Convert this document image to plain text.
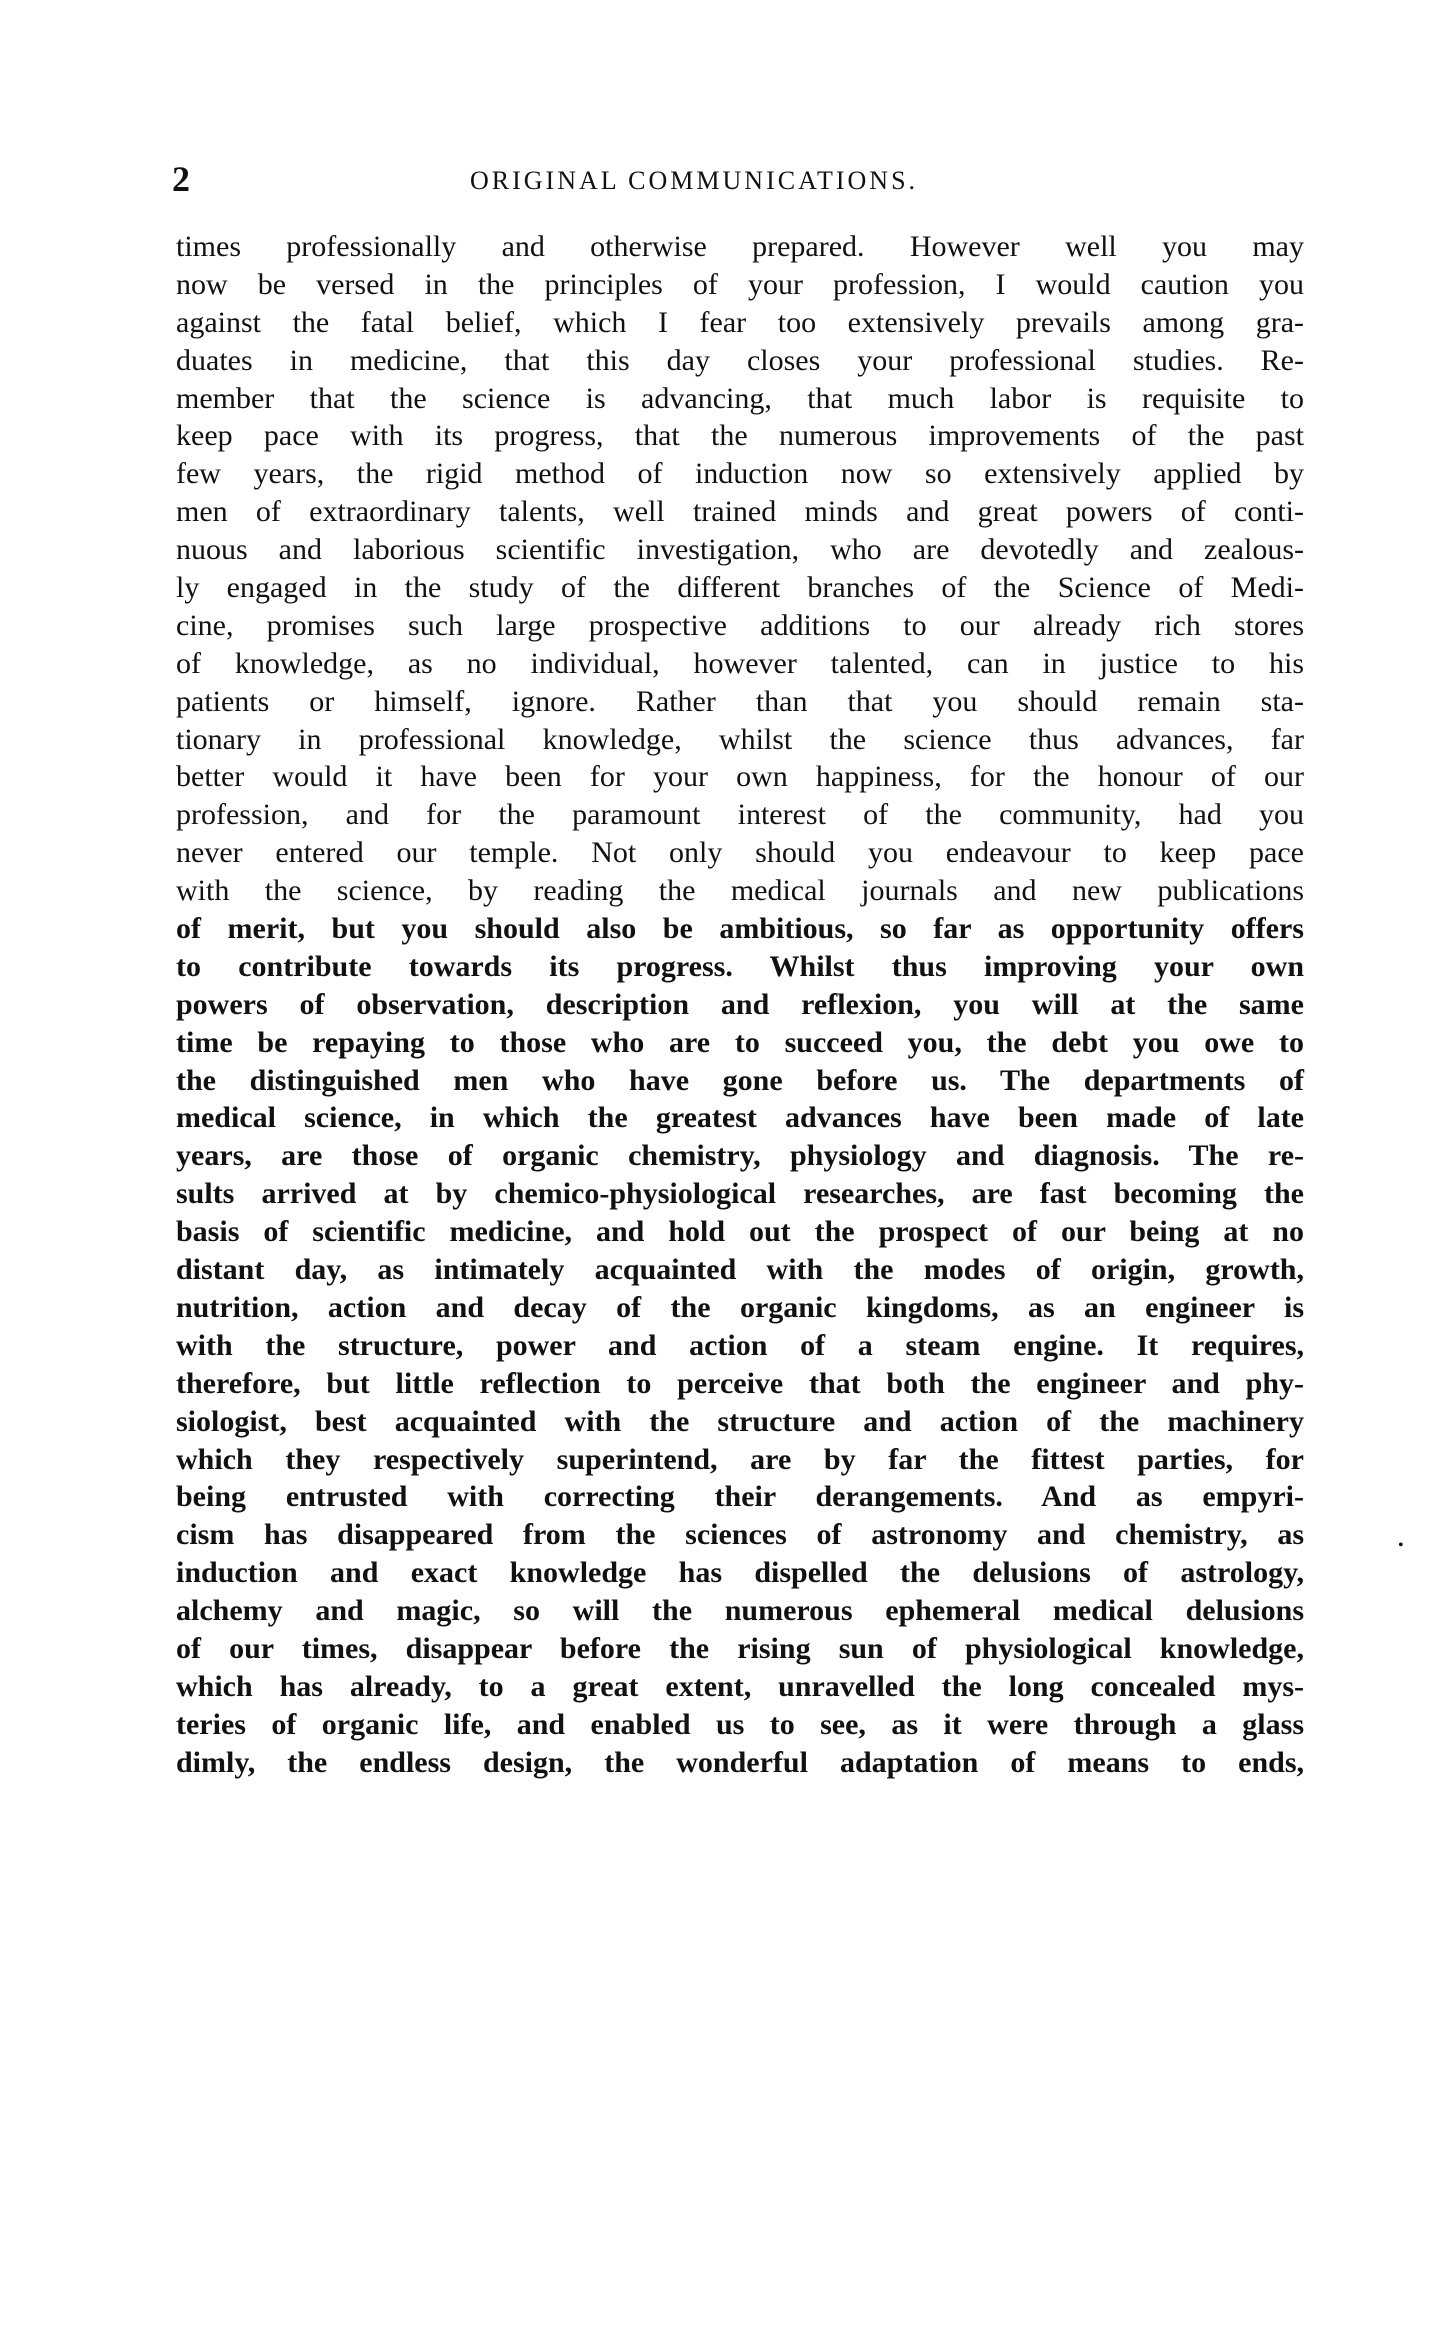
2	ORIGINAL COMMUNICATIONS.
times professionally and otherwise prepared. However well you may
now be versed in the principles of your profession, I would caution you
against the fatal belief, which I fear too extensively prevails among gra-
duates in medicine, that this day closes your professional studies. Re-
member that the science is advancing, that much labor is requisite to
keep pace with its progress, that the numerous improvements of the past
few years, the rigid method of induction now so extensively applied by
men of extraordinary talents, well trained minds and great powers of conti-
nuous and laborious scientific investigation, who are devotedly and zealous-
ly engaged in the study of the different branches of the Science of Medi-
cine, promises such large prospective additions to our already rich stores
of knowledge, as no individual, however talented, can in justice to his
patients or himself, ignore. Rather than that you should remain sta-
tionary in professional knowledge, whilst the science thus advances, far
better would it have been for your own happiness, for the honour of our
profession, and for the paramount interest of the community, had you
never entered our temple. Not only should you endeavour to keep pace
with the science, by reading the medical journals and new publications
of merit, but you should also be ambitious, so far as opportunity offers
to contribute towards its progress. Whilst thus improving your own
powers of observation, description and reflexion, you will at the same
time be repaying to those who are to succeed you, the debt you owe to
the distinguished men who have gone before us. The departments of
medical science, in which the greatest advances have been made of late
years, are those of organic chemistry, physiology and diagnosis. The re-
sults arrived at by chemico-physiological researches, are fast becoming the
basis of scientific medicine, and hold out the prospect of our being at no
distant day, as intimately acquainted with the modes of origin, growth,
nutrition, action and decay of the organic kingdoms, as an engineer is
with the structure, power and action of a steam engine. It requires,
therefore, but little reflection to perceive that both the engineer and phy-
siologist, best acquainted with the structure and action of the machinery
which they respectively superintend, are by far the fittest parties, for
being entrusted with correcting their derangements. And as empyri-
cism has disappeared from the sciences of astronomy and chemistry, as
induction and exact knowledge has dispelled the delusions of astrology,
alchemy and magic, so will the numerous ephemeral medical delusions
of our times, disappear before the rising sun of physiological knowledge,
which has already, to a great extent, unravelled the long concealed mys-
teries of organic life, and enabled us to see, as it were through a glass
dimly, the endless design, the wonderful adaptation of means to ends,
•
